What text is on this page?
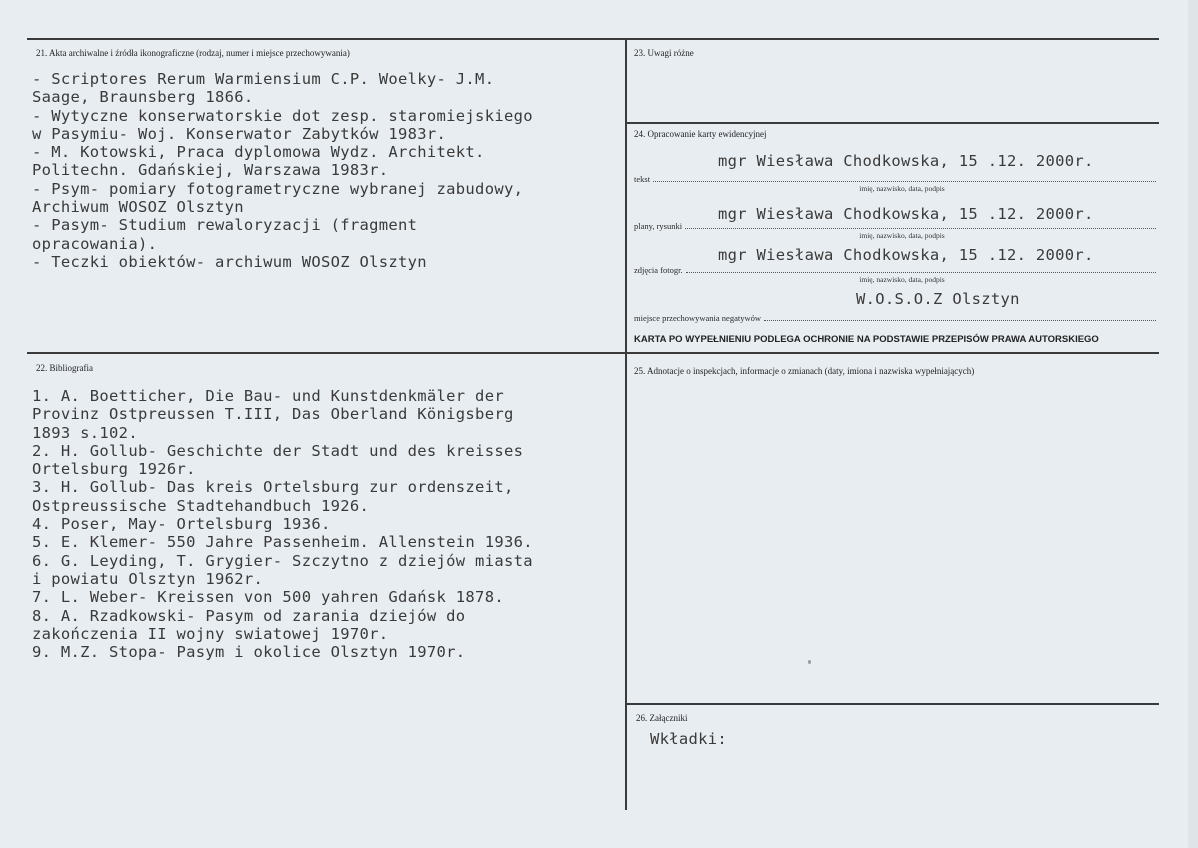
21. Akta archiwalne i źródła ikonograficzne (rodzaj, numer i miejsce przechowywania)
- Scriptores Rerum Warmiensium C.P. Woelky- J.M.
Saage, Braunsberg 1866.
- Wytyczne konserwatorskie dot zesp. staromiejskiego
w Pasymiu- Woj. Konserwator Zabytków 1983r.
- M. Kotowski, Praca dyplomowa Wydz. Architekt.
Politechn. Gdańskiej, Warszawa 1983r.
- Psym- pomiary fotogrametryczne wybranej zabudowy,
Archiwum WOSOZ Olsztyn
- Pasym- Studium rewaloryzacji (fragment
opracowania).
- Teczki obiektów- archiwum WOSOZ Olsztyn
22. Bibliografia
1. A. Boetticher, Die Bau- und Kunstdenkmäler der
Provinz Ostpreussen T.III, Das Oberland Königsberg
1893 s.102.
2. H. Gollub- Geschichte der Stadt und des kreisses
Ortelsburg 1926r.
3. H. Gollub- Das kreis Ortelsburg zur ordenszeit,
Ostpreussische Stadtehandbuch 1926.
4. Poser, May- Ortelsburg 1936.
5. E. Klemer- 550 Jahre Passenheim. Allenstein 1936.
6. G. Leyding, T. Grygier- Szczytno z dziejów miasta
i powiatu Olsztyn 1962r.
7. L. Weber- Kreissen von 500 yahren Gdańsk 1878.
8. A. Rzadkowski- Pasym od zarania dziejów do
zakończenia II wojny swiatowej 1970r.
9. M.Z. Stopa- Pasym i okolice Olsztyn 1970r.
23. Uwagi różne
24. Opracowanie karty ewidencyjnej
mgr Wiesława Chodkowska, 15 .12. 2000r.
tekst
imię, nazwisko, data, podpis
mgr Wiesława Chodkowska, 15 .12. 2000r.
plany, rysunki
imię, nazwisko, data, podpis
mgr Wiesława Chodkowska, 15 .12. 2000r.
zdjęcia fotogr.
imię, nazwisko, data, podpis
W.O.S.O.Z Olsztyn
miejsce przechowywania negatywów
KARTA PO WYPEŁNIENIU PODLEGA OCHRONIE NA PODSTAWIE PRZEPISÓW PRAWA AUTORSKIEGO
25. Adnotacje o inspekcjach, informacje o zmianach (daty, imiona i nazwiska wypełniających)
26. Załączniki
Wkładki:
